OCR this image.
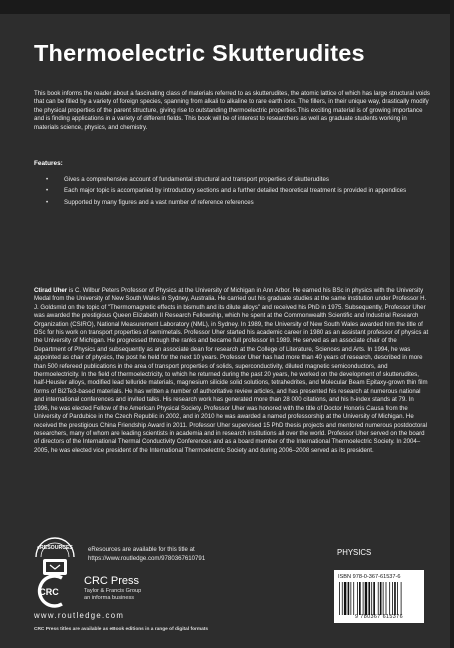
Thermoelectric Skutterudites

This book informs the reader about a fascinating class of materials referred to as skutterudites, the atomic lattice of which has large structural voids that can be filled by a variety of foreign species, spanning from alkali to alkaline to rare earth ions. The fillers, in their unique way, drastically modify the physical properties of the parent structure, giving rise to outstanding thermoelectric properties.This exciting material is of growing importance and is finding applications in a variety of different fields. This book will be of interest to researchers as well as graduate students working in materials science, physics, and chemistry.

Features:
•	Gives a comprehensive account of fundamental structural and transport properties of skutterudites
•	Each major topic is accompanied by introductory sections and a further detailed theoretical treatment is provided in appendices
•	Supported by many figures and a vast number of reference references

Ctirad Uher is C. Wilbur Peters Professor of Physics at the University of Michigan in Ann Arbor. He earned his BSc in physics with the University Medal from the University of New South Wales in Sydney, Australia. He carried out his graduate studies at the same institution under Professor H. J. Goldsmid on the topic of "Thermomagnetic effects in bismuth and its dilute alloys" and received his PhD in 1975. Subsequently, Professor Uher was awarded the prestigious Queen Elizabeth II Research Fellowship, which he spent at the Commonwealth Scientific and Industrial Research Organization (CSIRO), National Measurement Laboratory (NML), in Sydney. In 1989, the University of New South Wales awarded him the title of DSc for his work on transport properties of semimetals. Professor Uher started his academic career in 1980 as an assistant professor of physics at the University of Michigan. He progressed through the ranks and became full professor in 1989. He served as an associate chair of the Department of Physics and subsequently as an associate dean for research at the College of Literature, Sciences and Arts. In 1994, he was appointed as chair of physics, the post he held for the next 10 years. Professor Uher has had more than 40 years of research, described in more than 500 refereed publications in the area of transport properties of solids, superconductivity, diluted magnetic semiconductors, and thermoelectricity. In the field of thermoelectricity, to which he returned during the past 20 years, he worked on the development of skutterudites, half-Heusler alloys, modified lead telluride materials, magnesium silicide solid solutions, tetrahedrites, and Molecular Beam Epitaxy-grown thin film forms of Bi2Te3-based materials. He has written a number of authoritative review articles, and has presented his research at numerous national and international conferences and invited talks. His research work has generated more than 28 000 citations, and his h-index stands at 79. In 1996, he was elected Fellow of the American Physical Society. Professor Uher was honored with the title of Doctor Honoris Causa from the University of Pardubice in the Czech Republic in 2002, and in 2010 he was awarded a named professorship at the University of Michigan. He received the prestigious China Friendship Award in 2011. Professor Uher supervised 15 PhD thesis projects and mentored numerous postdoctoral researchers, many of whom are leading scientists in academia and in research institutions all over the world. Professor Uher served on the board of directors of the International Thermal Conductivity Conferences and as a board member of the International Thermoelectric Society. In 2004–2005, he was elected vice president of the International Thermoelectric Society and during 2006–2008 served as its president.

eRESOURCES eResources are available for this title at
https://www.routledge.com/9780367610791

CRC
CRC Press
Taylor & Francis Group
an informa business
www.routledge.com
CRC Press titles are available as eBook editions in a range of digital formats
PHYSICS
ISBN 978-0-367-61537-6
9 780367 615376
